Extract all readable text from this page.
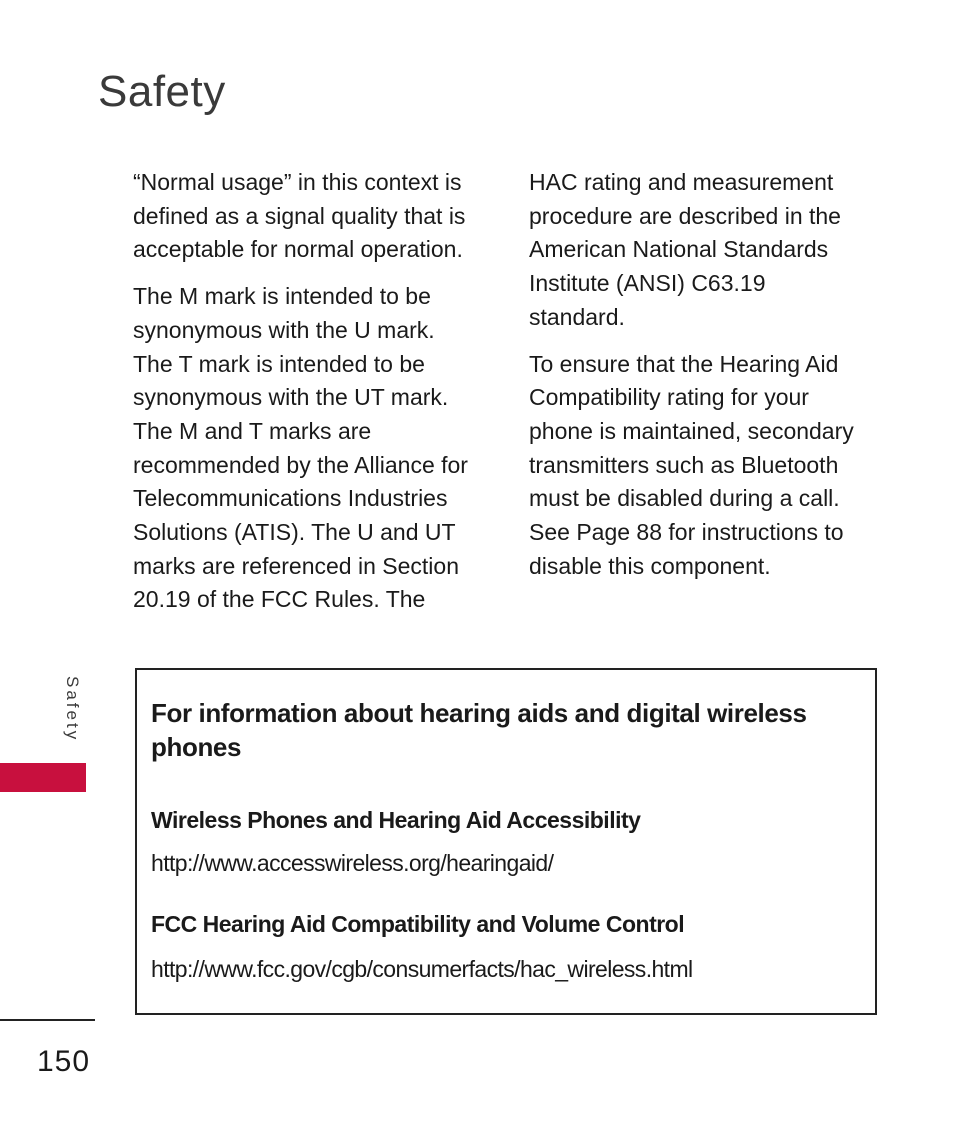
Safety

“Normal usage” in this context is
defined as a signal quality that is
acceptable for normal operation.

The M mark is intended to be
synonymous with the U mark.
The T mark is intended to be
synonymous with the UT mark.
The M and T marks are
recommended by the Alliance for
Telecommunications Industries
Solutions (ATIS). The U and UT
marks are referenced in Section
20.19 of the FCC Rules. The

HAC rating and measurement
procedure are described in the
American National Standards
Institute (ANSI) C63.19
standard.

To ensure that the Hearing Aid
Compatibility rating for your
phone is maintained, secondary
transmitters such as Bluetooth
must be disabled during a call.
See Page 88 for instructions to
disable this component.

Safety	For information about hearing aids and digital wireless phones
Wireless Phones and Hearing Aid Accessibility
http://www.accesswireless.org/hearingaid/
FCC Hearing Aid Compatibility and Volume Control
http://www.fcc.gov/cgb/consumerfacts/hac_wireless.html
150
